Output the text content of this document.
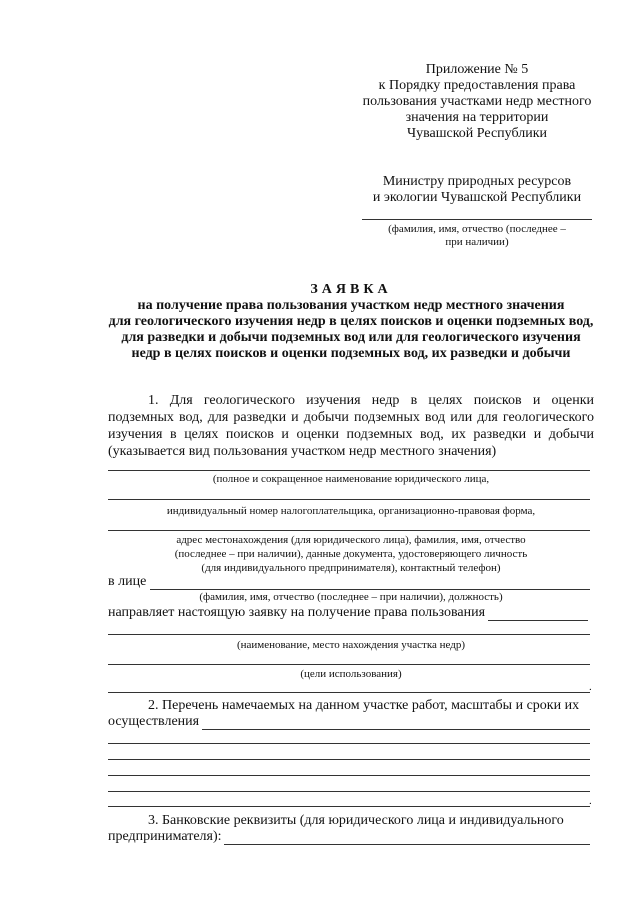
Приложение № 5
к Порядку предоставления права
пользования участками недр местного
значения на территории
Чувашской Республики
Министру природных ресурсов
и экологии Чувашской Республики
(фамилия, имя, отчество (последнее –
при наличии)
ЗАЯВКА
на получение права пользования участком недр местного значения
для геологического изучения недр в целях поисков и оценки подземных вод,
для разведки и добычи подземных вод или для геологического изучения
недр в целях поисков и оценки подземных вод, их разведки и добычи
1. Для геологического изучения недр в целях поисков и оценки подземных вод, для разведки и добычи подземных вод или для геологического изучения в целях поисков и оценки подземных вод, их разведки и добычи (указывается вид пользования участком недр местного значения)
(полное и сокращенное наименование юридического лица,
индивидуальный номер налогоплательщика, организационно-правовая форма,
адрес местонахождения (для юридического лица), фамилия, имя, отчество
(последнее – при наличии), данные документа, удостоверяющего личность
(для индивидуального предпринимателя), контактный телефон)
в лице
(фамилия, имя, отчество (последнее – при наличии), должность)
направляет настоящую заявку на получение права пользования
(наименование, место нахождения участка недр)
(цели использования)
.
2. Перечень намечаемых на данном участке работ, масштабы и сроки их
осуществления
.
3. Банковские реквизиты (для юридического лица и индивидуального
предпринимателя):
